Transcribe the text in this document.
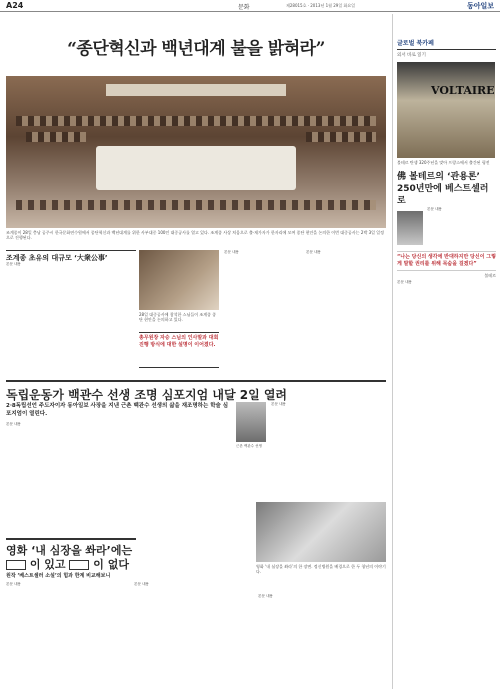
A24	문화	제28015호 · 2013년 1월 29일 화요일	동아일보
“종단혁신과 백년대계 불을 밝혀라”

조계종이 28일 충남 공주시 한국문화연수원에서 종단혁신과 백년대계를 위한 사부대중 100인 대중공사를 열고 있다. 조계종 사상 처음으로 출·재가자가 한자리에 모여 종단 현안을 논의한 이번 대중공사는 2박 3일 일정으로 진행된다.

조계종 초유의 대규모 ‘大衆公事’
본문 내용

28일 대중공사에 참석한 스님들이 조계종 종단 현안을 논의하고 있다.

총무원장 자승 스님의 인사말과 대회 진행 방식에 대한 설명이 이어졌다.

본문 내용	본문 내용
독립운동가 백관수 선생 조명 심포지엄 내달 2일 열려

2·8독립선언 주도자이자 동아일보 사장을 지낸 근촌 백관수 선생의 삶을 재조명하는 학술 심포지엄이 열린다.

근촌 백관수 선생

본문 내용
본문 내용

영화 ‘내 심장을 쏴라’의 한 장면. 정신병원을 배경으로 한 두 청년의 이야기다.

영화 ‘내 심장을 쏴라’에는
이 있고	이 없다

원작 ‘베스트셀러 소설’의 힘과 한계 비교해보니

본문 내용	본문 내용
본문 내용
글로벌 북카페
외서 바로 읽기
VOLTAIRE

볼테르 탄생 320주년을 맞아 프랑스에서 출간된 평전

佛 볼테르의 ‘관용론’ 250년만에 베스트셀러로
본문 내용

“나는 당신의 생각에 반대하지만 당신이 그렇게 말할 권리를 위해 목숨을 걸겠다”

볼테르

본문 내용
